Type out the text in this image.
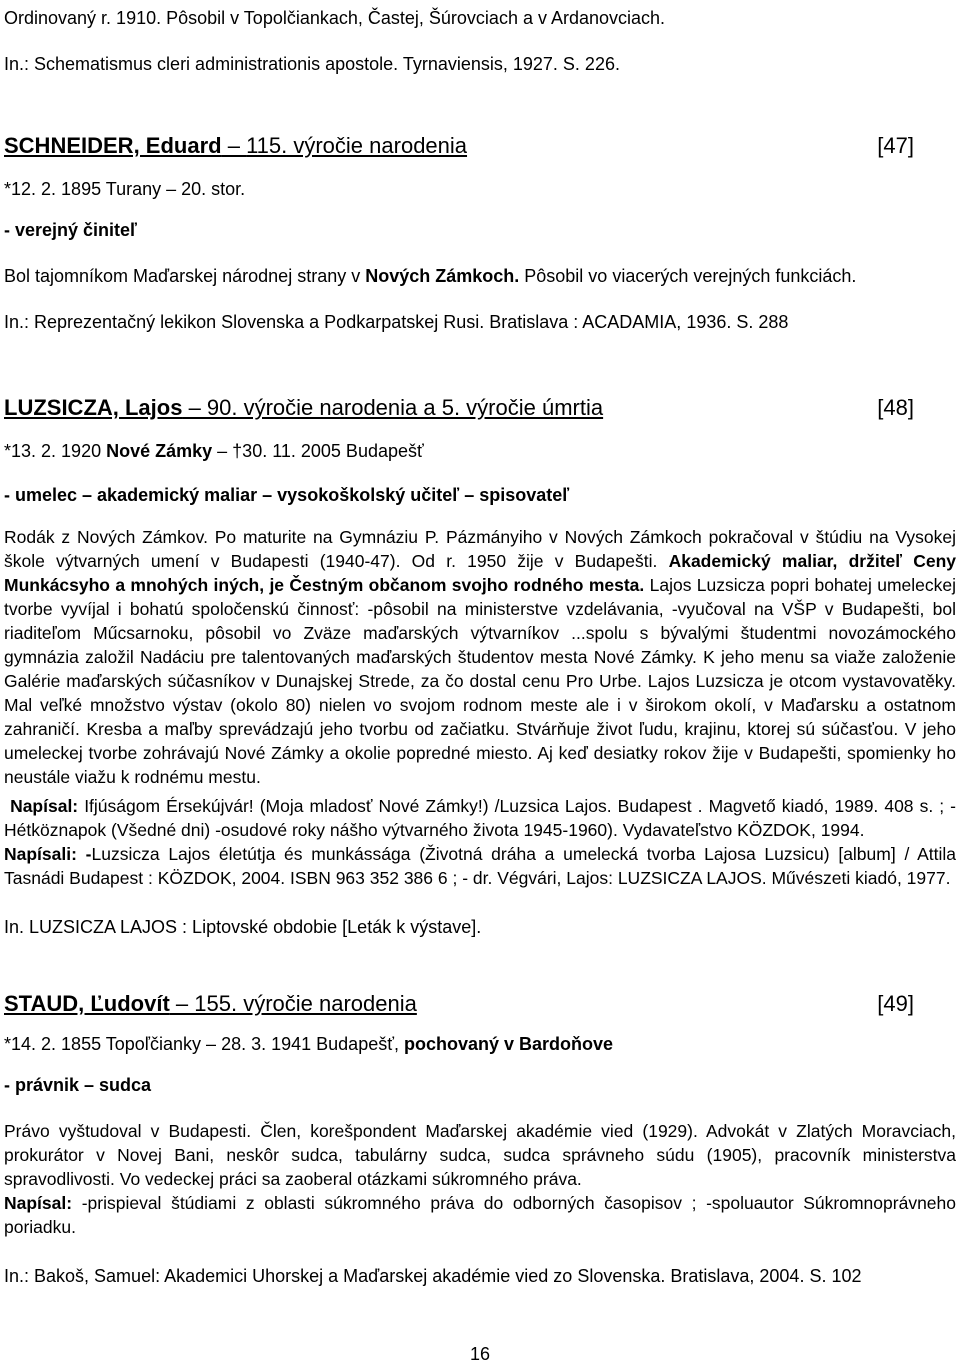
Ordinovaný r. 1910. Pôsobil v Topolčiankach, Častej, Šúrovciach a v Ardanovciach.
In.: Schematismus cleri administrationis apostole. Tyrnaviensis, 1927. S. 226.
SCHNEIDER, Eduard – 115. výročie narodenia	[47]
*12. 2. 1895 Turany – 20. stor.
- verejný činiteľ
Bol tajomníkom Maďarskej národnej strany v Nových Zámkoch. Pôsobil vo viacerých verejných funkciách.
In.: Reprezentačný lekikon Slovenska a Podkarpatskej Rusi. Bratislava : ACADAMIA, 1936. S. 288
LUZSICZA, Lajos – 90. výročie narodenia a 5. výročie úmrtia	[48]
*13. 2. 1920 Nové Zámky – †30. 11. 2005 Budapešť
- umelec – akademický maliar – vysokoškolský učiteľ – spisovateľ
Rodák z Nových Zámkov. Po maturite na Gymnáziu P. Pázmányiho v Nových Zámkoch pokračoval v štúdiu na Vysokej škole výtvarných umení v Budapesti (1940-47). Od r. 1950 žije v Budapešti. Akademický maliar, držiteľ Ceny Munkácsyho a mnohých iných, je Čestným občanom svojho rodného mesta. Lajos Luzsicza popri bohatej umeleckej tvorbe vyvíjal i bohatú spoločenskú činnosť: -pôsobil na ministerstve vzdelávania, -vyučoval na VŠP v Budapešti, bol riaditeľom Műcsarnoku, pôsobil vo Zväze maďarských výtvarníkov ...spolu s bývalými študentmi novozámockého gymnázia založil Nadáciu pre talentovaných maďarských študentov mesta Nové Zámky. K jeho menu sa viaže založenie Galérie maďarských súčasníkov v Dunajskej Strede, za čo dostal cenu Pro Urbe. Lajos Luzsicza je otcom vystavovatěky. Mal veľké množstvo výstav (okolo 80) nielen vo svojom rodnom meste ale i v širokom okolí, v Maďarsku a ostatnom zahraničí. Kresba a maľby sprevádzajú jeho tvorbu od začiatku. Stvárňuje život ľudu, krajinu, ktorej sú súčasťou. V jeho umeleckej tvorbe zohrávajú Nové Zámky a okolie popredné miesto. Aj keď desiatky rokov žije v Budapešti, spomienky ho neustále viažu k rodnému mestu.
Napísal: Ifjúságom Érsekújvár! (Moja mladosť Nové Zámky!) /Luzsica Lajos. Budapest . Magvető kiadó, 1989. 408 s. ; - Hétköznapok (Všedné dni) -osudové roky nášho výtvarného života 1945-1960). Vydavateľstvo KÖZDOK, 1994.
Napísali: -Luzsicza Lajos életútja és munkássága (Životná dráha a umelecká tvorba Lajosa Luzsicu) [album] / Attila Tasnádi Budapest : KÖZDOK, 2004. ISBN 963 352 386 6 ; - dr. Végvári, Lajos: LUZSICZA LAJOS. Művészeti kiadó, 1977.
In. LUZSICZA LAJOS : Liptovské obdobie [Leták k výstave].
STAUD, Ľudovít – 155. výročie narodenia	[49]
*14. 2. 1855 Topoľčianky – 28. 3. 1941 Budapešť, pochovaný v Bardoňove
- právnik – sudca
Právo vyštudoval v Budapesti. Člen, korešpondent Maďarskej akadémie vied (1929). Advokát v Zlatých Moravciach, prokurátor v Novej Bani, neskôr sudca, tabulárny sudca, sudca správneho súdu (1905), pracovník ministerstva spravodlivosti. Vo vedeckej práci sa zaoberal otázkami súkromného práva.
Napísal: -prispieval štúdiami z oblasti súkromného práva do odborných časopisov ; -spoluautor Súkromnoprávneho poriadku.
In.: Bakoš, Samuel: Akademici Uhorskej a Maďarskej akadémie vied zo Slovenska. Bratislava, 2004. S. 102
16
